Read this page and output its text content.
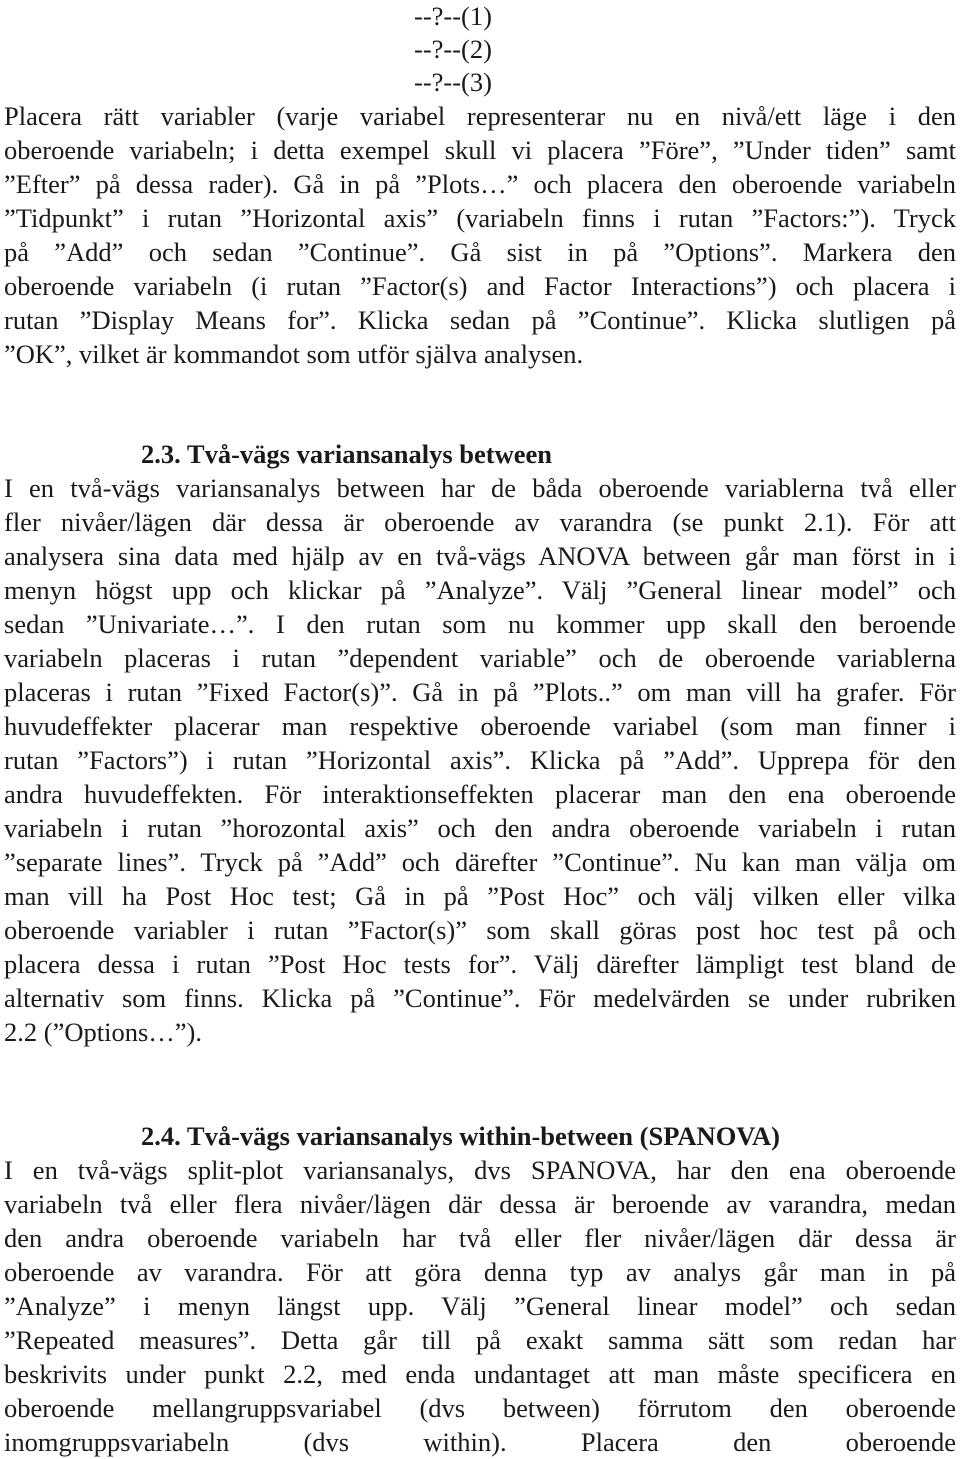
--?--(1)
--?--(2)
--?--(3)
Placera rätt variabler (varje variabel representerar nu en nivå/ett läge i den
oberoende variabeln; i detta exempel skull vi placera ”Före”, ”Under tiden” samt
”Efter” på dessa rader). Gå in på ”Plots…” och placera den oberoende variabeln
”Tidpunkt” i rutan ”Horizontal axis” (variabeln finns i rutan ”Factors:”). Tryck
på ”Add” och sedan ”Continue”. Gå sist in på ”Options”. Markera den
oberoende variabeln (i rutan ”Factor(s) and Factor Interactions”) och placera i
rutan ”Display Means for”. Klicka sedan på ”Continue”. Klicka slutligen på
”OK”, vilket är kommandot som utför själva analysen.
2.3. Två-vägs variansanalys between
I en två-vägs variansanalys between har de båda oberoende variablerna två eller
fler nivåer/lägen där dessa är oberoende av varandra (se punkt 2.1). För att
analysera sina data med hjälp av en två-vägs ANOVA between går man först in i
menyn högst upp och klickar på ”Analyze”. Välj ”General linear model” och
sedan ”Univariate…”. I den rutan som nu kommer upp skall den beroende
variabeln placeras i rutan ”dependent variable” och de oberoende variablerna
placeras i rutan ”Fixed Factor(s)”. Gå in på ”Plots..” om man vill ha grafer. För
huvudeffekter placerar man respektive oberoende variabel (som man finner i
rutan ”Factors”) i rutan ”Horizontal axis”. Klicka på ”Add”. Upprepa för den
andra huvudeffekten. För interaktionseffekten placerar man den ena oberoende
variabeln i rutan ”horozontal axis” och den andra oberoende variabeln i rutan
”separate lines”. Tryck på ”Add” och därefter ”Continue”. Nu kan man välja om
man vill ha Post Hoc test; Gå in på ”Post Hoc” och välj vilken eller vilka
oberoende variabler i rutan ”Factor(s)” som skall göras post hoc test på och
placera dessa i rutan ”Post Hoc tests for”. Välj därefter lämpligt test bland de
alternativ som finns. Klicka på ”Continue”. För medelvärden se under rubriken
2.2 (”Options…”).
2.4. Två-vägs variansanalys within-between (SPANOVA)
I en två-vägs split-plot variansanalys, dvs SPANOVA, har den ena oberoende
variabeln två eller flera nivåer/lägen där dessa är beroende av varandra, medan
den andra oberoende variabeln har två eller fler nivåer/lägen där dessa är
oberoende av varandra. För att göra denna typ av analys går man in på
”Analyze” i menyn längst upp. Välj ”General linear model” och sedan
”Repeated measures”. Detta går till på exakt samma sätt som redan har
beskrivits under punkt 2.2, med enda undantaget att man måste specificera en
oberoende mellangruppsvariabel (dvs between) förrutom den oberoende
inomgruppsvariabeln (dvs within). Placera den oberoende
